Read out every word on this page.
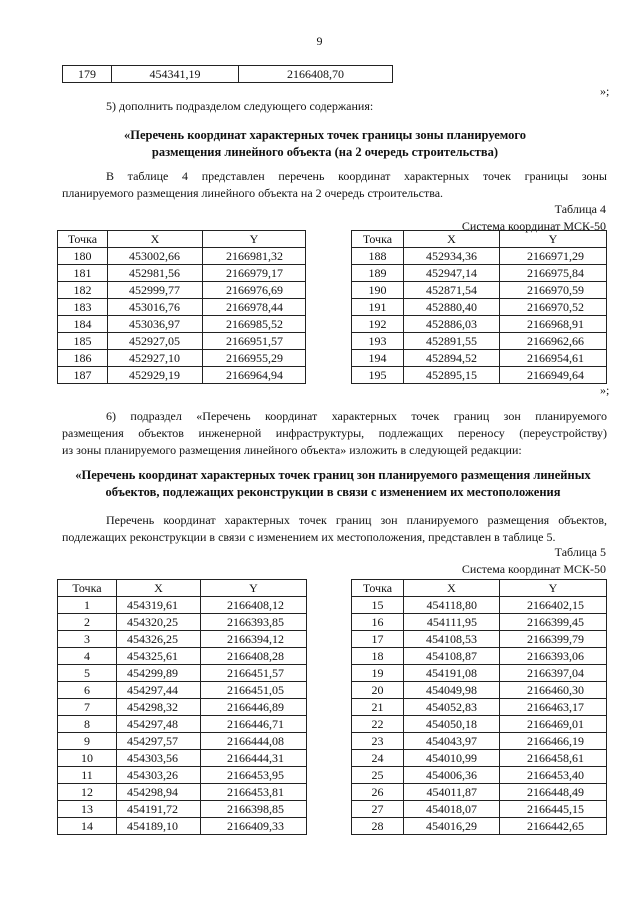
9
179	454341,19	2166408,70
»;
5) дополнить подразделом следующего содержания:
«Перечень координат характерных точек границы зоны планируемого
размещения линейного объекта (на 2 очередь строительства)
В таблице 4 представлен перечень координат характерных точек границы зоны
планируемого размещения линейного объекта на 2 очередь строительства.
Таблица 4
Система координат МСК-50
Точка	X	Y
180	453002,66	2166981,32
181	452981,56	2166979,17
182	452999,77	2166976,69
183	453016,76	2166978,44
184	453036,97	2166985,52
185	452927,05	2166951,57
186	452927,10	2166955,29
187	452929,19	2166964,94
Точка	X	Y
188	452934,36	2166971,29
189	452947,14	2166975,84
190	452871,54	2166970,59
191	452880,40	2166970,52
192	452886,03	2166968,91
193	452891,55	2166962,66
194	452894,52	2166954,61
195	452895,15	2166949,64
»;
6) подраздел «Перечень координат характерных точек границ зон планируемого
размещения объектов инженерной инфраструктуры, подлежащих переносу (переустройству)
из зоны планируемого размещения линейного объекта» изложить в следующей редакции:
«Перечень координат характерных точек границ зон планируемого размещения линейных
объектов, подлежащих реконструкции в связи с изменением их местоположения
Перечень координат характерных точек границ зон планируемого размещения объектов,
подлежащих реконструкции в связи с изменением их местоположения, представлен в таблице 5.
Таблица 5
Система координат МСК-50
Точка	X	Y
1	454319,61	2166408,12
2	454320,25	2166393,85
3	454326,25	2166394,12
4	454325,61	2166408,28
5	454299,89	2166451,57
6	454297,44	2166451,05
7	454298,32	2166446,89
8	454297,48	2166446,71
9	454297,57	2166444,08
10	454303,56	2166444,31
11	454303,26	2166453,95
12	454298,94	2166453,81
13	454191,72	2166398,85
14	454189,10	2166409,33
Точка	X	Y
15	454118,80	2166402,15
16	454111,95	2166399,45
17	454108,53	2166399,79
18	454108,87	2166393,06
19	454191,08	2166397,04
20	454049,98	2166460,30
21	454052,83	2166463,17
22	454050,18	2166469,01
23	454043,97	2166466,19
24	454010,99	2166458,61
25	454006,36	2166453,40
26	454011,87	2166448,49
27	454018,07	2166445,15
28	454016,29	2166442,65
